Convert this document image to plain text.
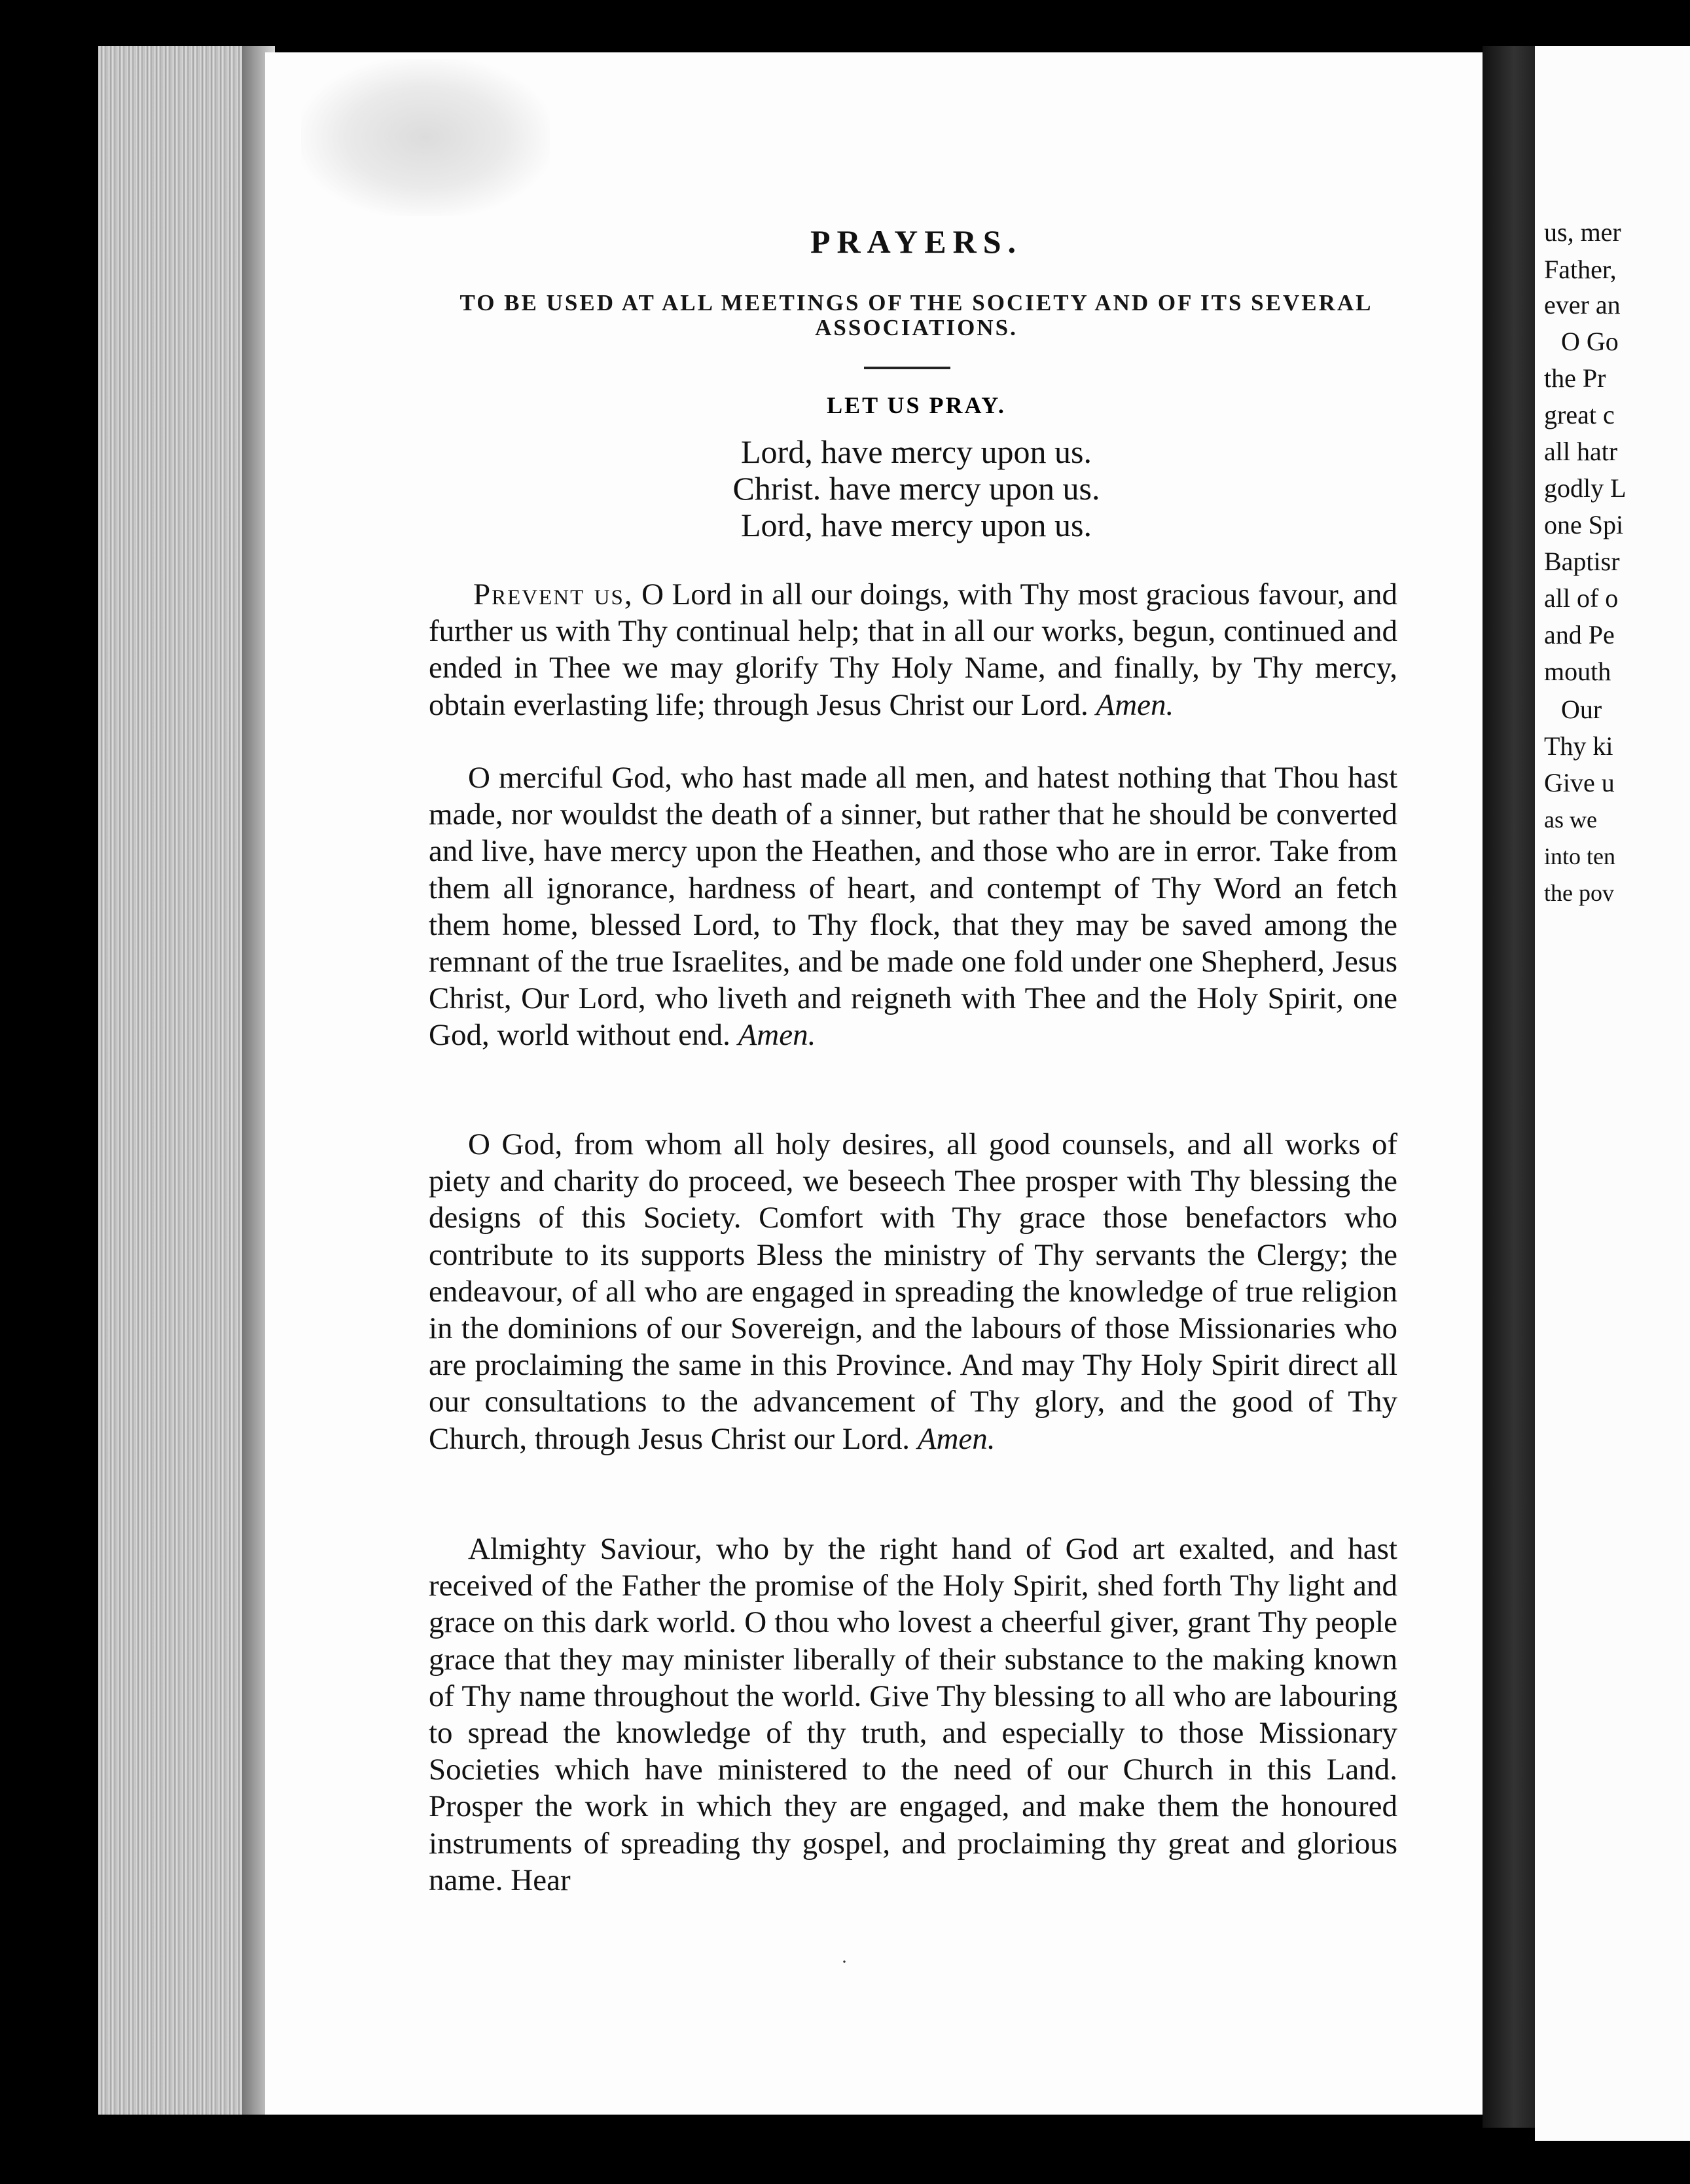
us, mer
Father,
ever an
O Go
the Pr
great c
all hatr
godly L
one Spi
Baptisr
all of o
and Pe
mouth
Our
Thy ki
Give u
as we
into ten
the pov
PRAYERS.
TO BE USED AT ALL MEETINGS OF THE SOCIETY AND OF ITS SEVERAL ASSOCIATIONS.
LET US PRAY.
Lord, have mercy upon us.
Christ. have mercy upon us.
Lord, have mercy upon us.
Prevent us, O Lord in all our doings, with Thy most gracious favour, and further us with Thy continual help; that in all our works, begun, continued and ended in Thee we may glorify Thy Holy Name, and finally, by Thy mercy, obtain everlasting life; through Jesus Christ our Lord. Amen.
O merciful God, who hast made all men, and hatest nothing that Thou hast made, nor wouldst the death of a sinner, but rather that he should be converted and live, have mercy upon the Heathen, and those who are in error. Take from them all ignorance, hardness of heart, and contempt of Thy Word an fetch them home, blessed Lord, to Thy flock, that they may be saved among the remnant of the true Israelites, and be made one fold under one Shepherd, Jesus Christ, Our Lord, who liveth and reigneth with Thee and the Holy Spirit, one God, world without end. Amen.
O God, from whom all holy desires, all good counsels, and all works of piety and charity do proceed, we beseech Thee prosper with Thy blessing the designs of this Society. Comfort with Thy grace those benefactors who contribute to its supports Bless the ministry of Thy servants the Clergy; the endeavour, of all who are engaged in spreading the knowledge of true religion in the dominions of our Sovereign, and the labours of those Missionaries who are proclaiming the same in this Province. And may Thy Holy Spirit direct all our consultations to the advancement of Thy glory, and the good of Thy Church, through Jesus Christ our Lord. Amen.
Almighty Saviour, who by the right hand of God art exalted, and hast received of the Father the promise of the Holy Spirit, shed forth Thy light and grace on this dark world. O thou who lovest a cheerful giver, grant Thy people grace that they may minister liberally of their substance to the making known of Thy name throughout the world. Give Thy blessing to all who are labouring to spread the knowledge of thy truth, and especially to those Missionary Societies which have ministered to the need of our Church in this Land. Prosper the work in which they are engaged, and make them the honoured instruments of spreading thy gospel, and proclaiming thy great and glorious name. Hear
·
